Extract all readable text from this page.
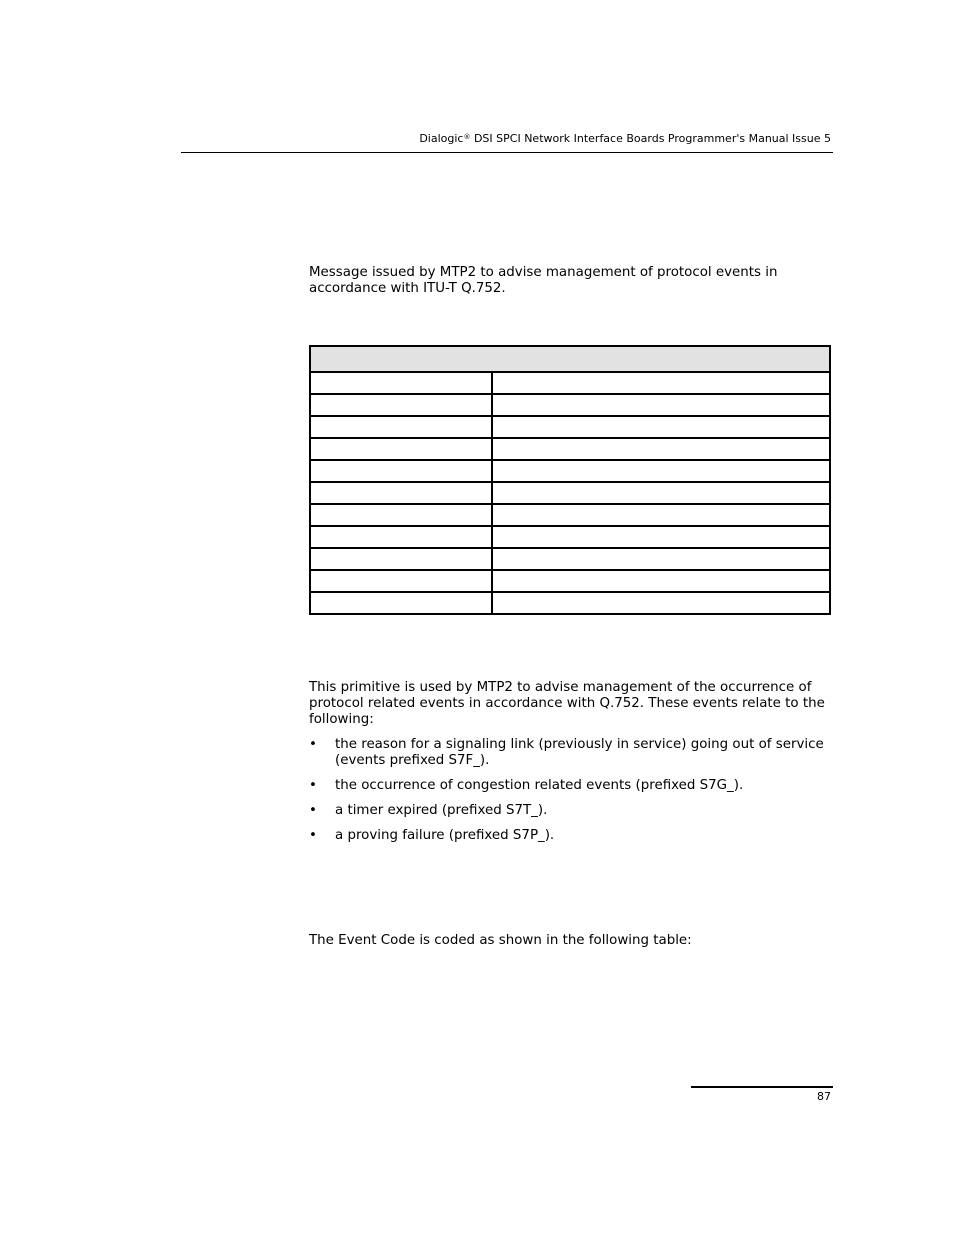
Dialogic® DSI SPCI Network Interface Boards Programmer's Manual Issue 5
Message issued by MTP2 to advise management of protocol events in accordance with ITU-T Q.752.

This primitive is used by MTP2 to advise management of the occurrence of protocol related events in accordance with Q.752. These events relate to the following:
• the reason for a signaling link (previously in service) going out of service (events prefixed S7F_).
• the occurrence of congestion related events (prefixed S7G_).
• a timer expired (prefixed S7T_).
• a proving failure (prefixed S7P_).
The Event Code is coded as shown in the following table:
87
